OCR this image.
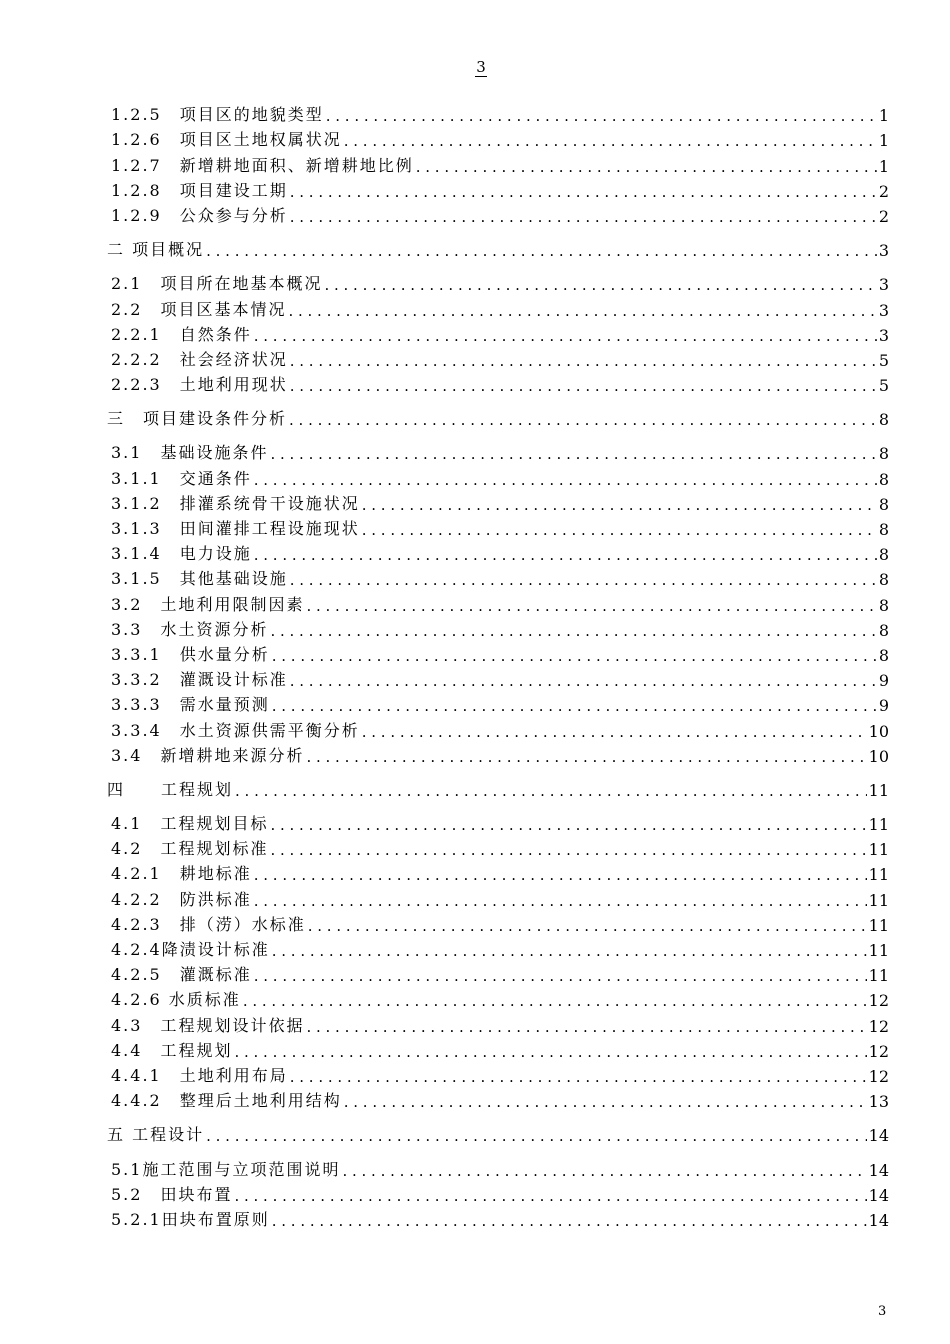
3
1.2.5　项目区的地貌类型 . . .	1
1.2.6　项目区土地权属状况 . . .	1
1.2.7　新增耕地面积、新增耕地比例 . . .	1
1.2.8　项目建设工期 . . .	2
1.2.9　公众参与分析 . . .	2
二 项目概况 . . .	3
2.1　项目所在地基本概况 . . .	3
2.2　项目区基本情况 . . .	3
2.2.1　自然条件 . . .	3
2.2.2　社会经济状况 . . .	5
2.2.3　土地利用现状 . . .	5
三　项目建设条件分析 . . .	8
3.1　基础设施条件 . . .	8
3.1.1　交通条件 . . .	8
3.1.2　排灌系统骨干设施状况 . . .	8
3.1.3　田间灌排工程设施现状 . . .	8
3.1.4　电力设施 . . .	8
3.1.5　其他基础设施 . . .	8
3.2　土地利用限制因素 . . .	8
3.3　水土资源分析 . . .	8
3.3.1　供水量分析 . . .	8
3.3.2　灌溉设计标准 . . .	9
3.3.3　需水量预测 . . .	9
3.3.4　水土资源供需平衡分析 . . .	10
3.4　新增耕地来源分析 . . .	10
四　　工程规划 . . .	11
4.1　工程规划目标 . . .	11
4.2　工程规划标准 . . .	11
4.2.1　耕地标准 . . .	11
4.2.2　防洪标准 . . .	11
4.2.3　排（涝）水标准 . . .	11
4.2.4降渍设计标准 . . .	11
4.2.5　灌溉标准 . . .	11
4.2.6 水质标准 . . .	12
4.3　工程规划设计依据 . . .	12
4.4　工程规划 . . .	12
4.4.1　土地利用布局 . . .	12
4.4.2　整理后土地利用结构 . . .	13
五 工程设计 . . .	14
5.1施工范围与立项范围说明 . . .	14
5.2　田块布置 . . .	14
5.2.1田块布置原则 . . .	14
3
